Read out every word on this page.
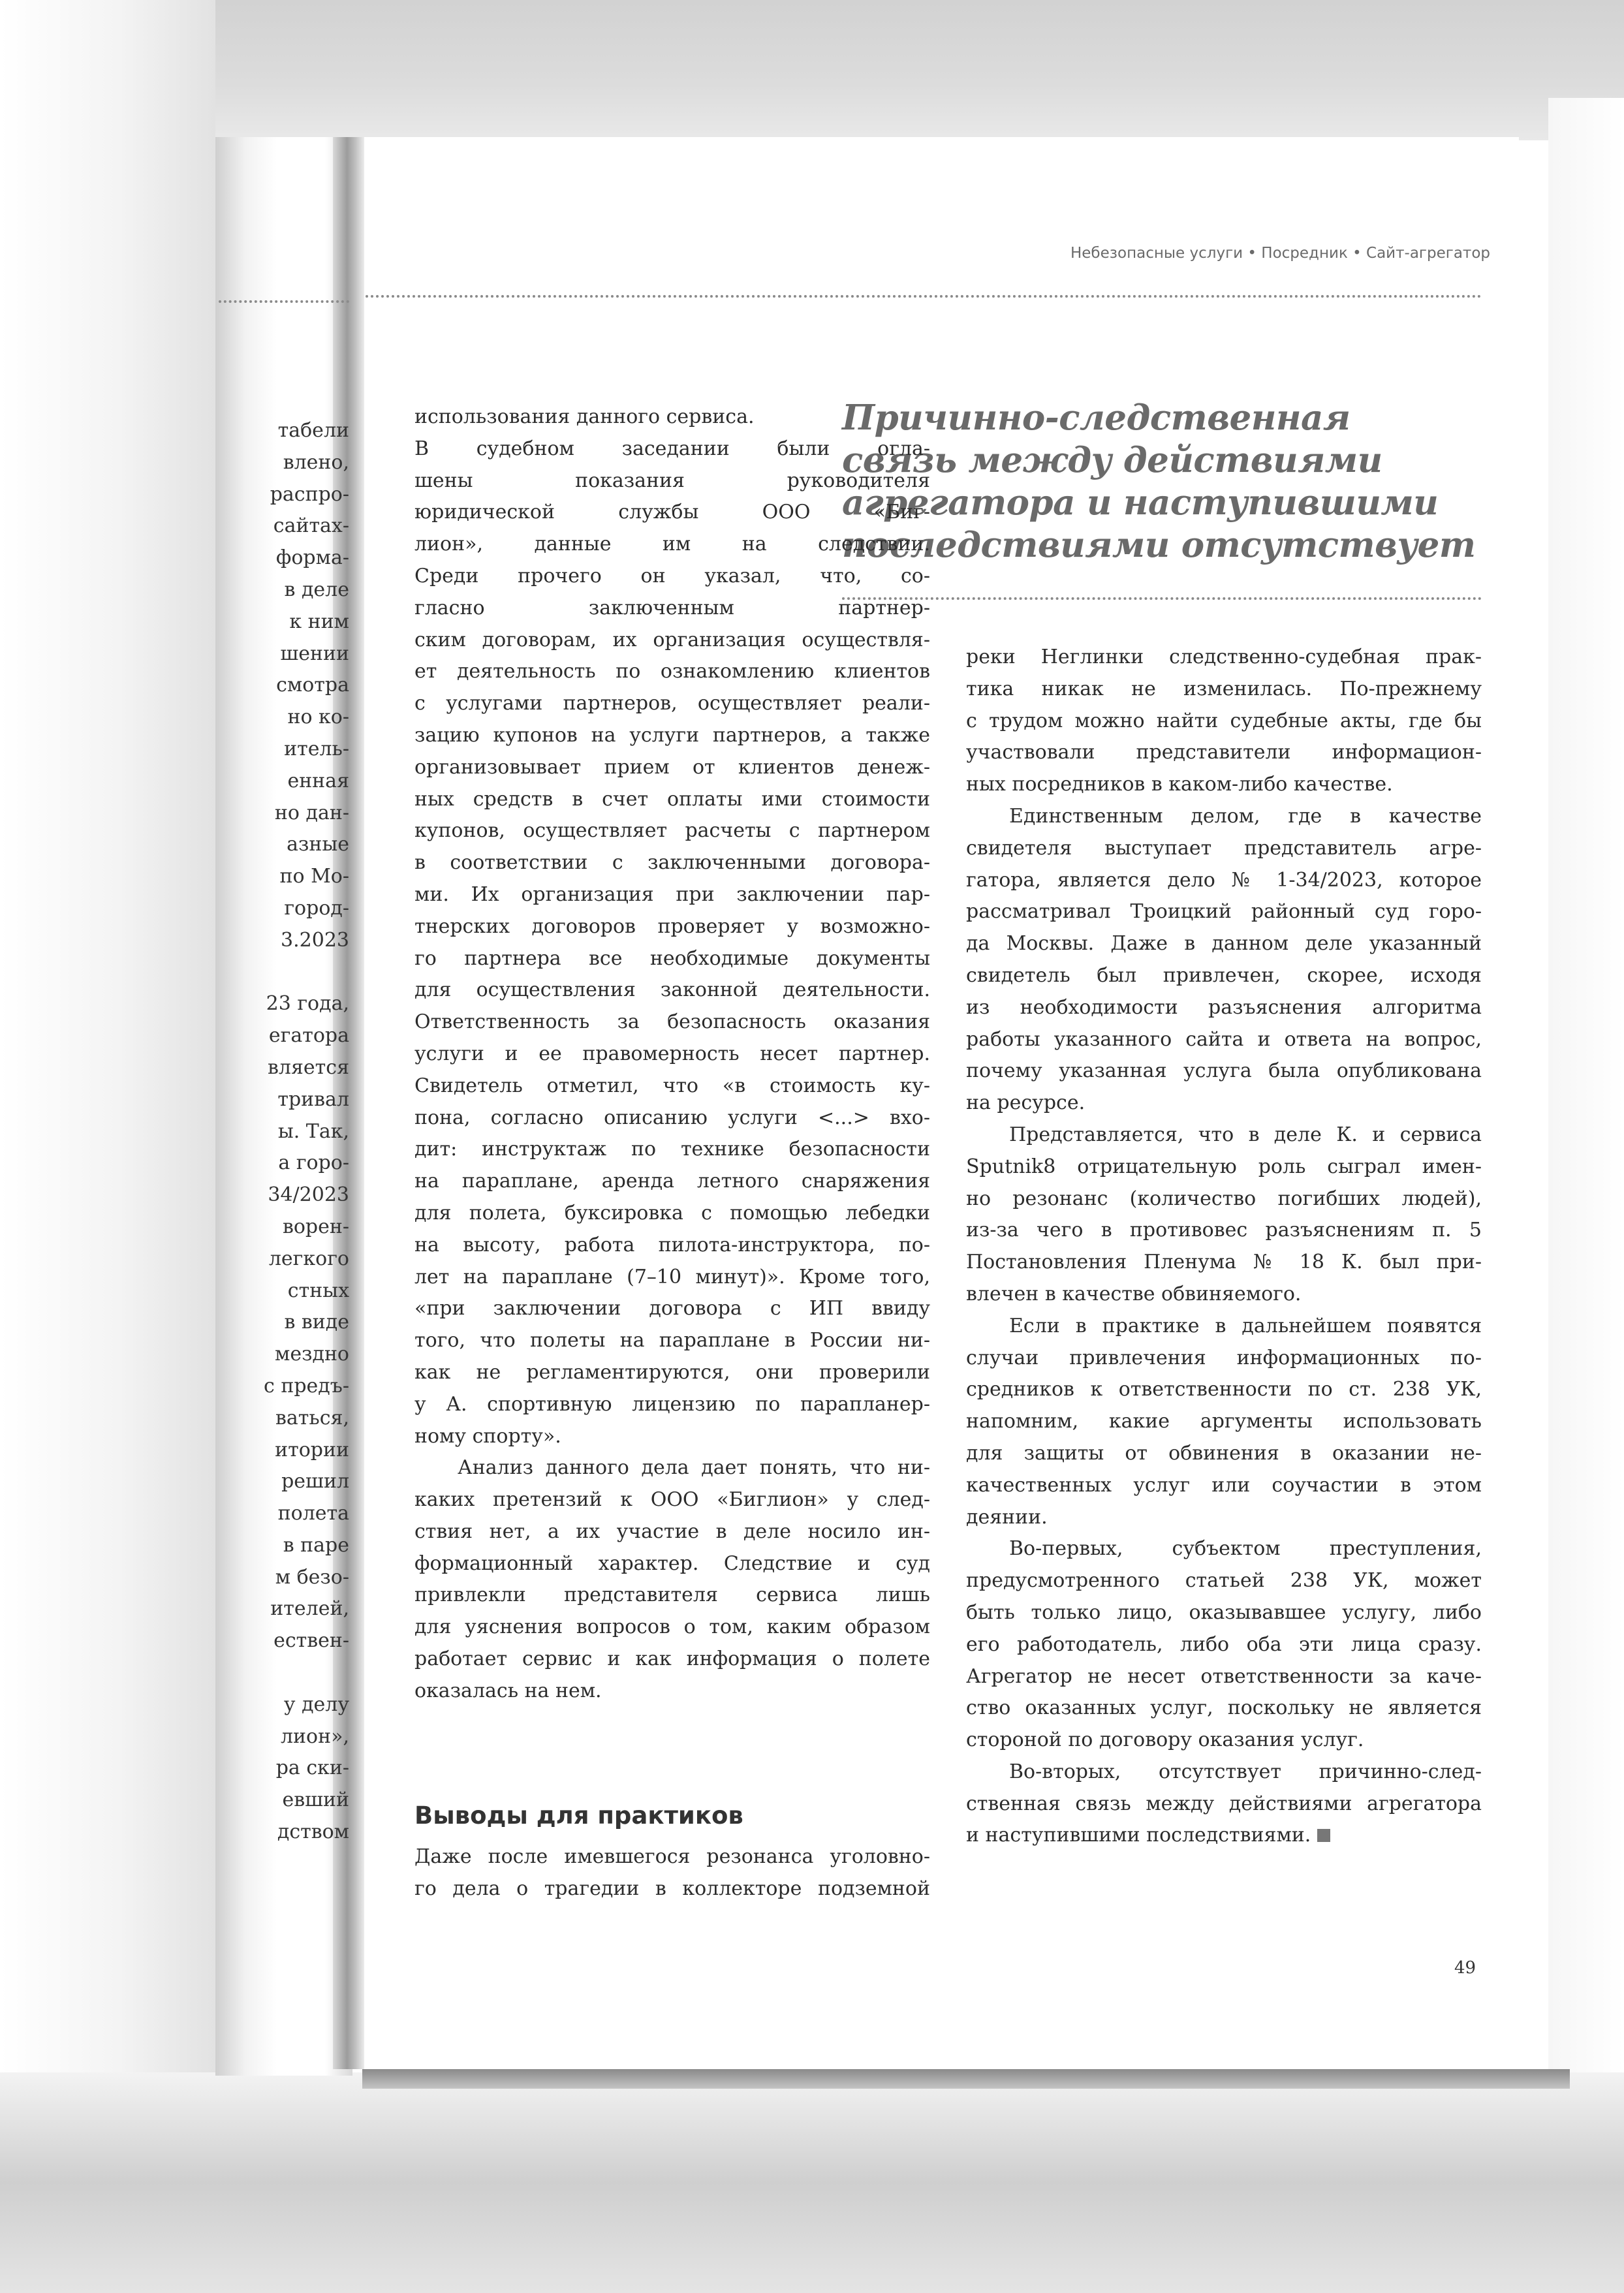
Небезопасные услуги • Посредник • Сайт-агрегатор
табели
влено,
распро-
сайтах-
форма-
в деле
к ним
шении
смотра
но ко-
итель-
енная
но дан-
азные
по Мо-
город-
3.2023
23 года,
егатора
вляется
тривал
ы. Так,
а горо-
34/2023
ворен-
легкого
стных
в виде
мездно
с предъ-
ваться,
итории
решил
полета
в паре
м безо-
ителей,
ествен-
у делу
лион»,
ра ски-
евший
дством
Причинно-следственная
связь между действиями
агрегатора и наступившими
последствиями отсутствует
использования данного сервиса.
В судебном заседании были огла-
шены показания руководителя
юридической службы ООО «Биг-
лион», данные им на следствии.
Среди прочего он указал, что, со-
гласно заключенным партнер-
ским договорам, их организация осуществля-
ет деятельность по ознакомлению клиентов
с услугами партнеров, осуществляет реали-
зацию купонов на услуги партнеров, а также
организовывает прием от клиентов денеж-
ных средств в счет оплаты ими стоимости
купонов, осуществляет расчеты с партнером
в соответствии с заключенными договора-
ми. Их организация при заключении пар-
тнерских договоров проверяет у возможно-
го партнера все необходимые документы
для осуществления законной деятельности.
Ответственность за безопасность оказания
услуги и ее правомерность несет партнер.
Свидетель отметил, что «в стоимость ку-
пона, согласно описанию услуги <...> вхо-
дит: инструктаж по технике безопасности
на параплане, аренда летного снаряжения
для полета, буксировка с помощью лебедки
на высоту, работа пилота-инструктора, по-
лет на параплане (7–10 минут)». Кроме того,
«при заключении договора с ИП ввиду
того, что полеты на параплане в России ни-
как не регламентируются, они проверили
у А. спортивную лицензию по парапланер-
ному спорту».
Анализ данного дела дает понять, что ни-
каких претензий к ООО «Биглион» у след-
ствия нет, а их участие в деле носило ин-
формационный характер. Следствие и суд
привлекли представителя сервиса лишь
для уяснения вопросов о том, каким образом
работает сервис и как информация о полете
оказалась на нем.
Выводы для практиков
Даже после имевшегося резонанса уголовно-
го дела о трагедии в коллекторе подземной
реки Неглинки следственно-судебная прак-
тика никак не изменилась. По-прежнему
с трудом можно найти судебные акты, где бы
участвовали представители информацион-
ных посредников в каком-либо качестве.
Единственным делом, где в качестве
свидетеля выступает представитель агре-
гатора, является дело № 1-34/2023, которое
рассматривал Троицкий районный суд горо-
да Москвы. Даже в данном деле указанный
свидетель был привлечен, скорее, исходя
из необходимости разъяснения алгоритма
работы указанного сайта и ответа на вопрос,
почему указанная услуга была опубликована
на ресурсе.
Представляется, что в деле К. и сервиса
Sputnik8 отрицательную роль сыграл имен-
но резонанс (количество погибших людей),
из-за чего в противовес разъяснениям п. 5
Постановления Пленума № 18 К. был при-
влечен в качестве обвиняемого.
Если в практике в дальнейшем появятся
случаи привлечения информационных по-
средников к ответственности по ст. 238 УК,
напомним, какие аргументы использовать
для защиты от обвинения в оказании не-
качественных услуг или соучастии в этом
деянии.
Во-первых, субъектом преступления,
предусмотренного статьей 238 УК, может
быть только лицо, оказывавшее услугу, либо
его работодатель, либо оба эти лица сразу.
Агрегатор не несет ответственности за каче-
ство оказанных услуг, поскольку не является
стороной по договору оказания услуг.
Во-вторых, отсутствует причинно-след-
ственная связь между действиями агрегатора
и наступившими последствиями.
49
